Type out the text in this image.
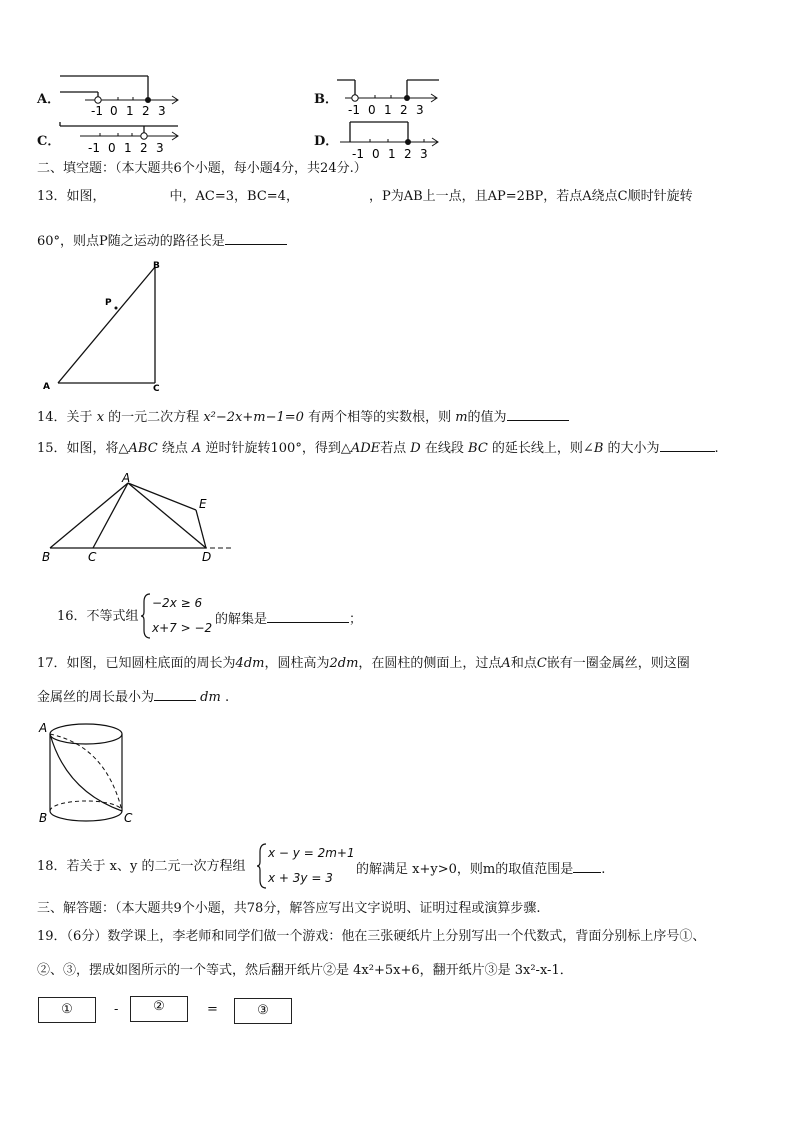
A．	B．
C．	D．
-1 0 1 2 3	-1 0 1 2 3
-1 0 1 2 3	-1 0 1 2 3
二、填空题：（本大题共6个小题，每小题4分，共24分.）
13．如图，	中，AC=3，BC=4，	，P为AB上一点，且AP=2BP，若点A绕点C顺时针旋转
60°，则点P随之运动的路径长是
A
B
C
P
14．关于 x 的一元二次方程 x²−2x+m−1=0 有两个相等的实数根，则 m的值为
15．如图，将△ABC 绕点 A 逆时针旋转100°，得到△ADE若点 D 在线段 BC 的延长线上，则∠B 的大小为	.
A
B	C	D
E
16．不等式组
−2x ≥ 6
x+7 > −2
的解集是	；
17．如图，已知圆柱底面的周长为4dm，圆柱高为2dm，在圆柱的侧面上，过点A和点C嵌有一圈金属丝，则这圈
金属丝的周长最小为	dm .
A
B	C
18．若关于 x、y 的二元一次方程组
x − y = 2m+1
x + 3y = 3
的解满足 x+y>0，则m的取值范围是 .
三、解答题：（本大题共9个小题，共78分，解答应写出文字说明、证明过程或演算步骤.
19．（6分）数学课上，李老师和同学们做一个游戏：他在三张硬纸片上分别写出一个代数式，背面分别标上序号①、
②、③，摆成如图所示的一个等式，然后翻开纸片②是 4x²+5x+6，翻开纸片③是 3x²-x-1．
①	-	②	=	③
